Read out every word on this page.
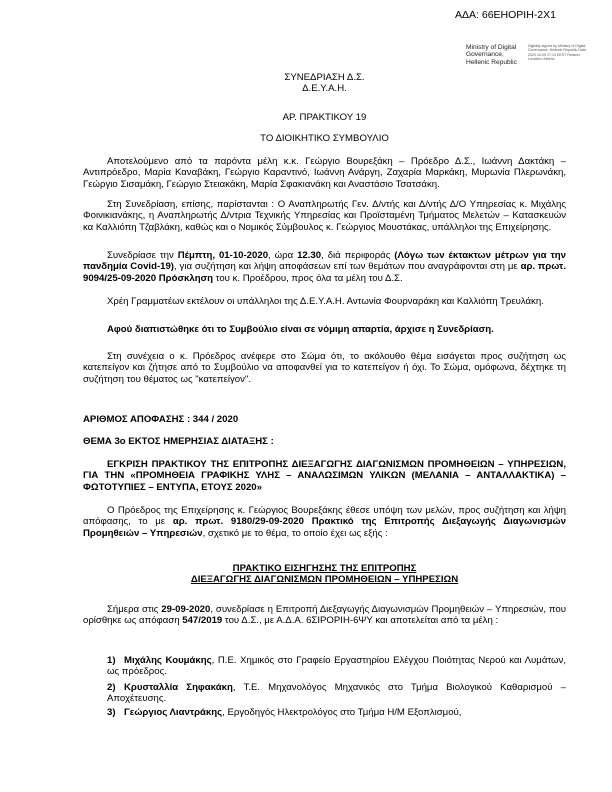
ΑΔΑ: 66ΕΗΟΡΙΗ-2Χ1
Ministry of Digital Governance, Hellenic Republic
Digitally signed by Ministry of Digital Governance, Hellenic Republic Date: 2020.10.05 17:13 EEST Reason: Location: Athens

ΣΥΝΕΔΡΙΑΣΗ Δ.Σ.

Δ.Ε.Υ.Α.Η.

ΑΡ. ΠΡΑΚΤΙΚΟΥ 19
ΤΟ ΔΙΟΙΚΗΤΙΚΟ ΣΥΜΒΟΥΛΙΟ
Αποτελούμενο από τα παρόντα μέλη κ.κ. Γεώργιο Βουρεξάκη – Πρόεδρο Δ.Σ., Ιωάννη Δακτάκη – Αντιπρόεδρο, Μαρία Καναβάκη, Γεώργιο Καραντινό, Ιωάννη Ανάργη, Ζαχαρία Μαρκάκη, Μυρωνία Πλερωνάκη, Γεώργιο Σισαμάκη, Γεώργιο Στειακάκη, Μαρία Σφακιανάκη και Αναστάσιο Τσατσάκη.
Στη Συνεδρίαση, επίσης, παρίστανται : Ο Αναπληρωτής Γεν. Δ/ντής και Δ/ντής Δ/Ο Υπηρεσίας κ. Μιχάλης Φοινικιανάκης, η Αναπληρωτής Δ/ντρια Τεχνικής Υπηρεσίας και Προϊσταμένη Τμήματος Μελετών – Κατασκευών κα Καλλιόπη Τζαβλάκη, καθώς και ο Νομικός Σύμβουλος κ. Γεώργιος Μουστάκας, υπάλληλοι της Επιχείρησης.
Συνεδρίασε την Πέμπτη, 01-10-2020, ώρα 12.30, διά περιφοράς (Λόγω των έκτακτων μέτρων για την πανδημία Covid-19), για συζήτηση και λήψη αποφάσεων επί των θεμάτων που αναγράφονται στη με αρ. πρωτ. 9094/25-09-2020 Πρόσκληση του κ. Προέδρου, προς όλα τα μέλη του Δ.Σ.
Χρέη Γραμματέων εκτέλουν οι υπάλληλοι της Δ.Ε.Υ.Α.Η. Αντωνία Φουρναράκη και Καλλιόπη Τρευλάκη.
Αφού διαπιστώθηκε ότι το Συμβούλιο είναι σε νόμιμη απαρτία, άρχισε η Συνεδρίαση.
Στη συνέχεια ο κ. Πρόεδρος ανέφερε στο Σώμα ότι, το ακόλουθο θέμα εισάγεται προς συζήτηση ως κατεπείγον και ζήτησε από το Συμβούλιο να αποφανθεί για το κατεπείγον ή όχι. Το Σώμα, ομόφωνα, δέχτηκε τη συζήτηση του θέματος ως "κατεπείγον".
ΑΡΙΘΜΟΣ ΑΠΟΦΑΣΗΣ : 344 / 2020
ΘΕΜΑ 3ο ΕΚΤΟΣ ΗΜΕΡΗΣΙΑΣ ΔΙΑΤΑΞΗΣ :
ΕΓΚΡΙΣΗ ΠΡΑΚΤΙΚΟΥ ΤΗΣ ΕΠΙΤΡΟΠΗΣ ΔΙΕΞΑΓΩΓΗΣ ΔΙΑΓΩΝΙΣΜΩΝ ΠΡΟΜΗΘΕΙΩΝ – ΥΠΗΡΕΣΙΩΝ, ΓΙΑ ΤΗΝ «ΠΡΟΜΗΘΕΙΑ ΓΡΑΦΙΚΗΣ ΥΛΗΣ – ΑΝΑΛΩΣΙΜΩΝ ΥΛΙΚΩΝ (ΜΕΛΑΝΙΑ – ΑΝΤΑΛΛΑΚΤΙΚΑ) – ΦΩΤΟΤΥΠΙΕΣ – ΕΝΤΥΠΑ, ΕΤΟΥΣ 2020»
Ο Πρόεδρος της Επιχείρησης κ. Γεώργιος Βουρεξάκης έθεσε υπόψη των μελών, προς συζήτηση και λήψη απόφασης, το με αρ. πρωτ. 9180/29-09-2020 Πρακτικό της Επιτροπής Διεξαγωγής Διαγωνισμών Προμηθειών – Υπηρεσιών, σχετικό με το θέμα, το οποίο έχει ως εξής :

ΠΡΑΚΤΙΚΟ ΕΙΣΗΓΗΣΗΣ ΤΗΣ ΕΠΙΤΡΟΠΗΣ

ΔΙΕΞΑΓΩΓΗΣ ΔΙΑΓΩΝΙΣΜΩΝ ΠΡΟΜΗΘΕΙΩΝ – ΥΠΗΡΕΣΙΩΝ

Σήμερα στις 29-09-2020, συνεδρίασε η Επιτροπή Διεξαγωγής Διαγωνισμών Προμηθειών – Υπηρεσιών, που ορίσθηκε ως απόφαση 547/2019 του Δ.Σ., με Α.Δ.Α. 6ΣΙΡΟΡΙΗ-6ΨΥ και αποτελείται από τα μέλη :
1) Μιχάλης Κουμάκης, Π.Ε. Χημικός στο Γραφείο Εργαστηρίου Ελέγχου Ποιότητας Νερού και Λυμάτων, ως πρόεδρος.
2) Κρυσταλλία Σηφακάκη, Τ.Ε. Μηχανολόγος Μηχανικός στο Τμήμα Βιολογικού Καθαρισμού – Αποχέτευσης.
3) Γεώργιος Λιαντράκης, Εργοδηγός Ηλεκτρολόγος στο Τμήμα Η/Μ Εξοπλισμού,
